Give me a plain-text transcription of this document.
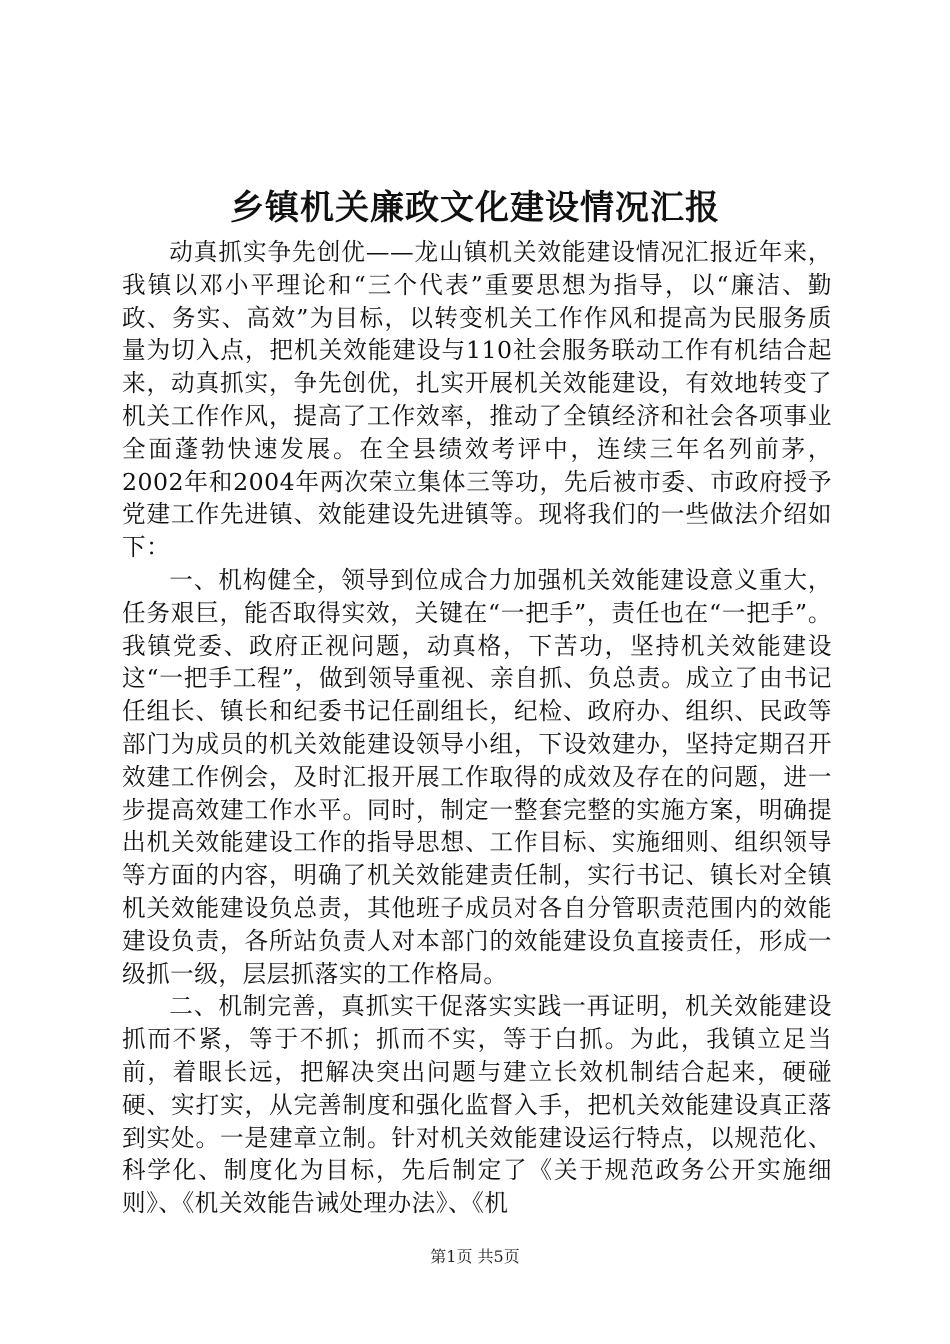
乡镇机关廉政文化建设情况汇报

动真抓实争先创优——龙山镇机关效能建设情况汇报近年来，我镇以邓小平理论和“三个代表”重要思想为指导，以“廉洁、勤政、务实、高效”为目标，以转变机关工作作风和提高为民服务质量为切入点，把机关效能建设与110社会服务联动工作有机结合起来，动真抓实，争先创优，扎实开展机关效能建设，有效地转变了机关工作作风，提高了工作效率，推动了全镇经济和社会各项事业全面蓬勃快速发展。在全县绩效考评中，连续三年名列前茅，2002年和2004年两次荣立集体三等功，先后被市委、市政府授予党建工作先进镇、效能建设先进镇等。现将我们的一些做法介绍如下：

一、机构健全，领导到位成合力加强机关效能建设意义重大，任务艰巨，能否取得实效，关键在“一把手”，责任也在“一把手”。我镇党委、政府正视问题，动真格，下苦功，坚持机关效能建设这“一把手工程”，做到领导重视、亲自抓、负总责。成立了由书记任组长、镇长和纪委书记任副组长，纪检、政府办、组织、民政等部门为成员的机关效能建设领导小组，下设效建办，坚持定期召开效建工作例会，及时汇报开展工作取得的成效及存在的问题，进一步提高效建工作水平。同时，制定一整套完整的实施方案，明确提出机关效能建设工作的指导思想、工作目标、实施细则、组织领导等方面的内容，明确了机关效能建责任制，实行书记、镇长对全镇机关效能建设负总责，其他班子成员对各自分管职责范围内的效能建设负责，各所站负责人对本部门的效能建设负直接责任，形成一级抓一级，层层抓落实的工作格局。

二、机制完善，真抓实干促落实实践一再证明，机关效能建设抓而不紧，等于不抓；抓而不实，等于白抓。为此，我镇立足当前，着眼长远，把解决突出问题与建立长效机制结合起来，硬碰硬、实打实，从完善制度和强化监督入手，把机关效能建设真正落到实处。一是建章立制。针对机关效能建设运行特点，以规范化、科学化、制度化为目标，先后制定了《关于规范政务公开实施细则》、《机关效能告诫处理办法》、《机

第1页 共5页
